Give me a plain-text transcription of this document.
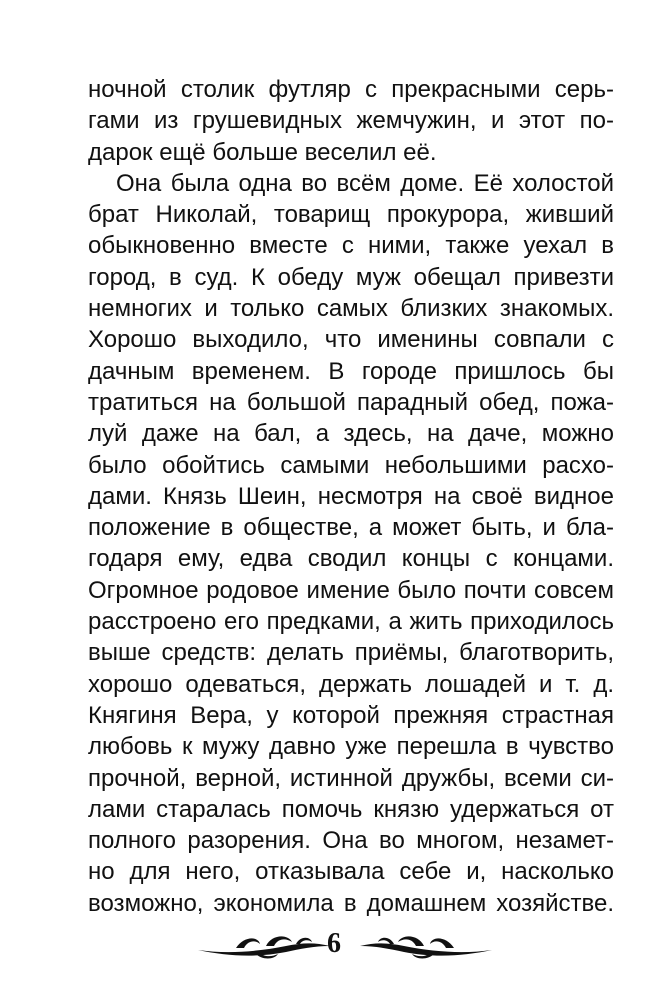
ночной столик футляр с прекрасными серь-
гами из грушевидных жемчужин, и этот по-
дарок ещё больше веселил её.
Она была одна во всём доме. Её холостой
брат Николай, товарищ прокурора, живший
обыкновенно вместе с ними, также уехал в
город, в суд. К обеду муж обещал привезти
немногих и только самых близких знакомых.
Хорошо выходило, что именины совпали с
дачным временем. В городе пришлось бы
тратиться на большой парадный обед, пожа-
луй даже на бал, а здесь, на даче, можно
было обойтись самыми небольшими расхо-
дами. Князь Шеин, несмотря на своё видное
положение в обществе, а может быть, и бла-
годаря ему, едва сводил концы с концами.
Огромное родовое имение было почти совсем
расстроено его предками, а жить приходилось
выше средств: делать приёмы, благотворить,
хорошо одеваться, держать лошадей и т. д.
Княгиня Вера, у которой прежняя страстная
любовь к мужу давно уже перешла в чувство
прочной, верной, истинной дружбы, всеми си-
лами старалась помочь князю удержаться от
полного разорения. Она во многом, незамет-
но для него, отказывала себе и, насколько
возможно, экономила в домашнем хозяйстве.
6
